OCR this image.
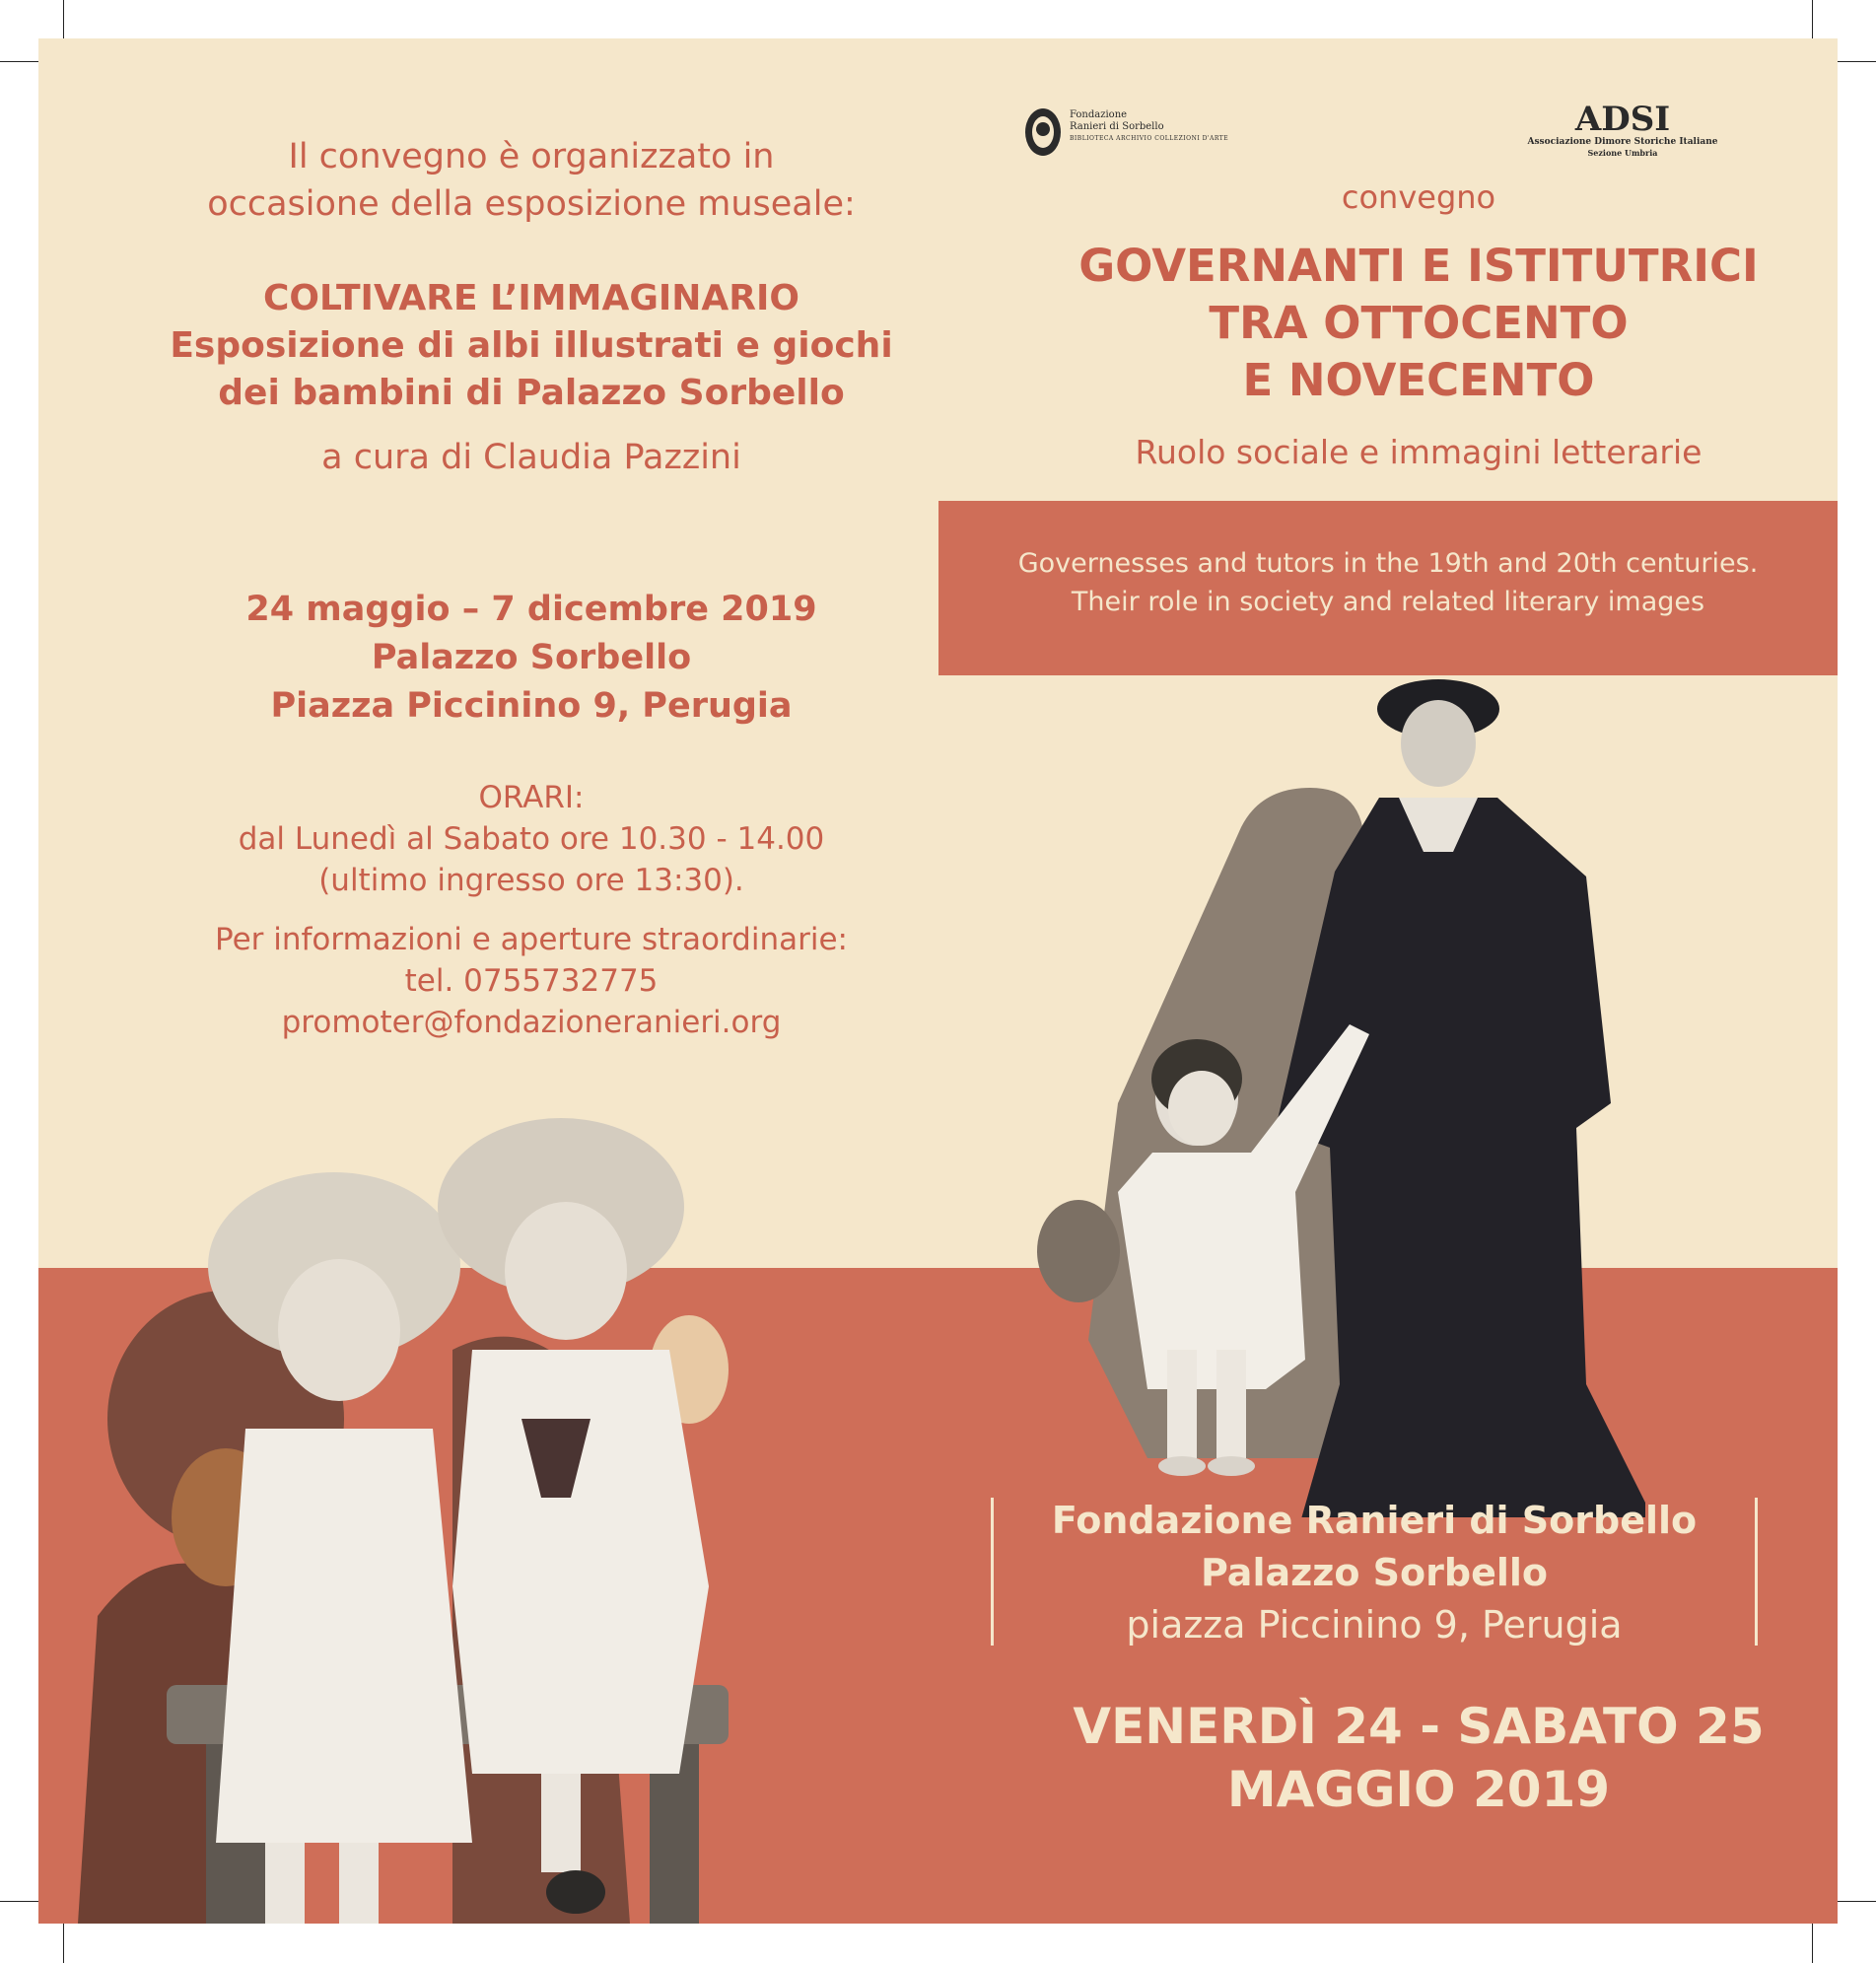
Il convegno è organizzato in
occasione della esposizione museale:
COLTIVARE L’IMMAGINARIO
Esposizione di albi illustrati e giochi
dei bambini di Palazzo Sorbello
a cura di Claudia Pazzini
24 maggio – 7 dicembre 2019
Palazzo Sorbello
Piazza Piccinino 9, Perugia
ORARI:
dal Lunedì al Sabato ore 10.30 - 14.00
(ultimo ingresso ore 13:30).
Per informazioni e aperture straordinarie:
tel. 0755732775
promoter@fondazioneranieri.org
Fondazione
Ranieri di Sorbello
BIBLIOTECA ARCHIVIO COLLEZIONI D'ARTE	ADSI
Associazione Dimore Storiche Italiane
Sezione Umbria
convegno
GOVERNANTI E ISTITUTRICI
TRA OTTOCENTO
E NOVECENTO
Ruolo sociale e immagini letterarie
Governesses and tutors in the 19th and 20th centuries.
Their role in society and related literary images
Fondazione Ranieri di Sorbello
Palazzo Sorbello
piazza Piccinino 9, Perugia
VENERDÌ 24 - SABATO 25
MAGGIO 2019
